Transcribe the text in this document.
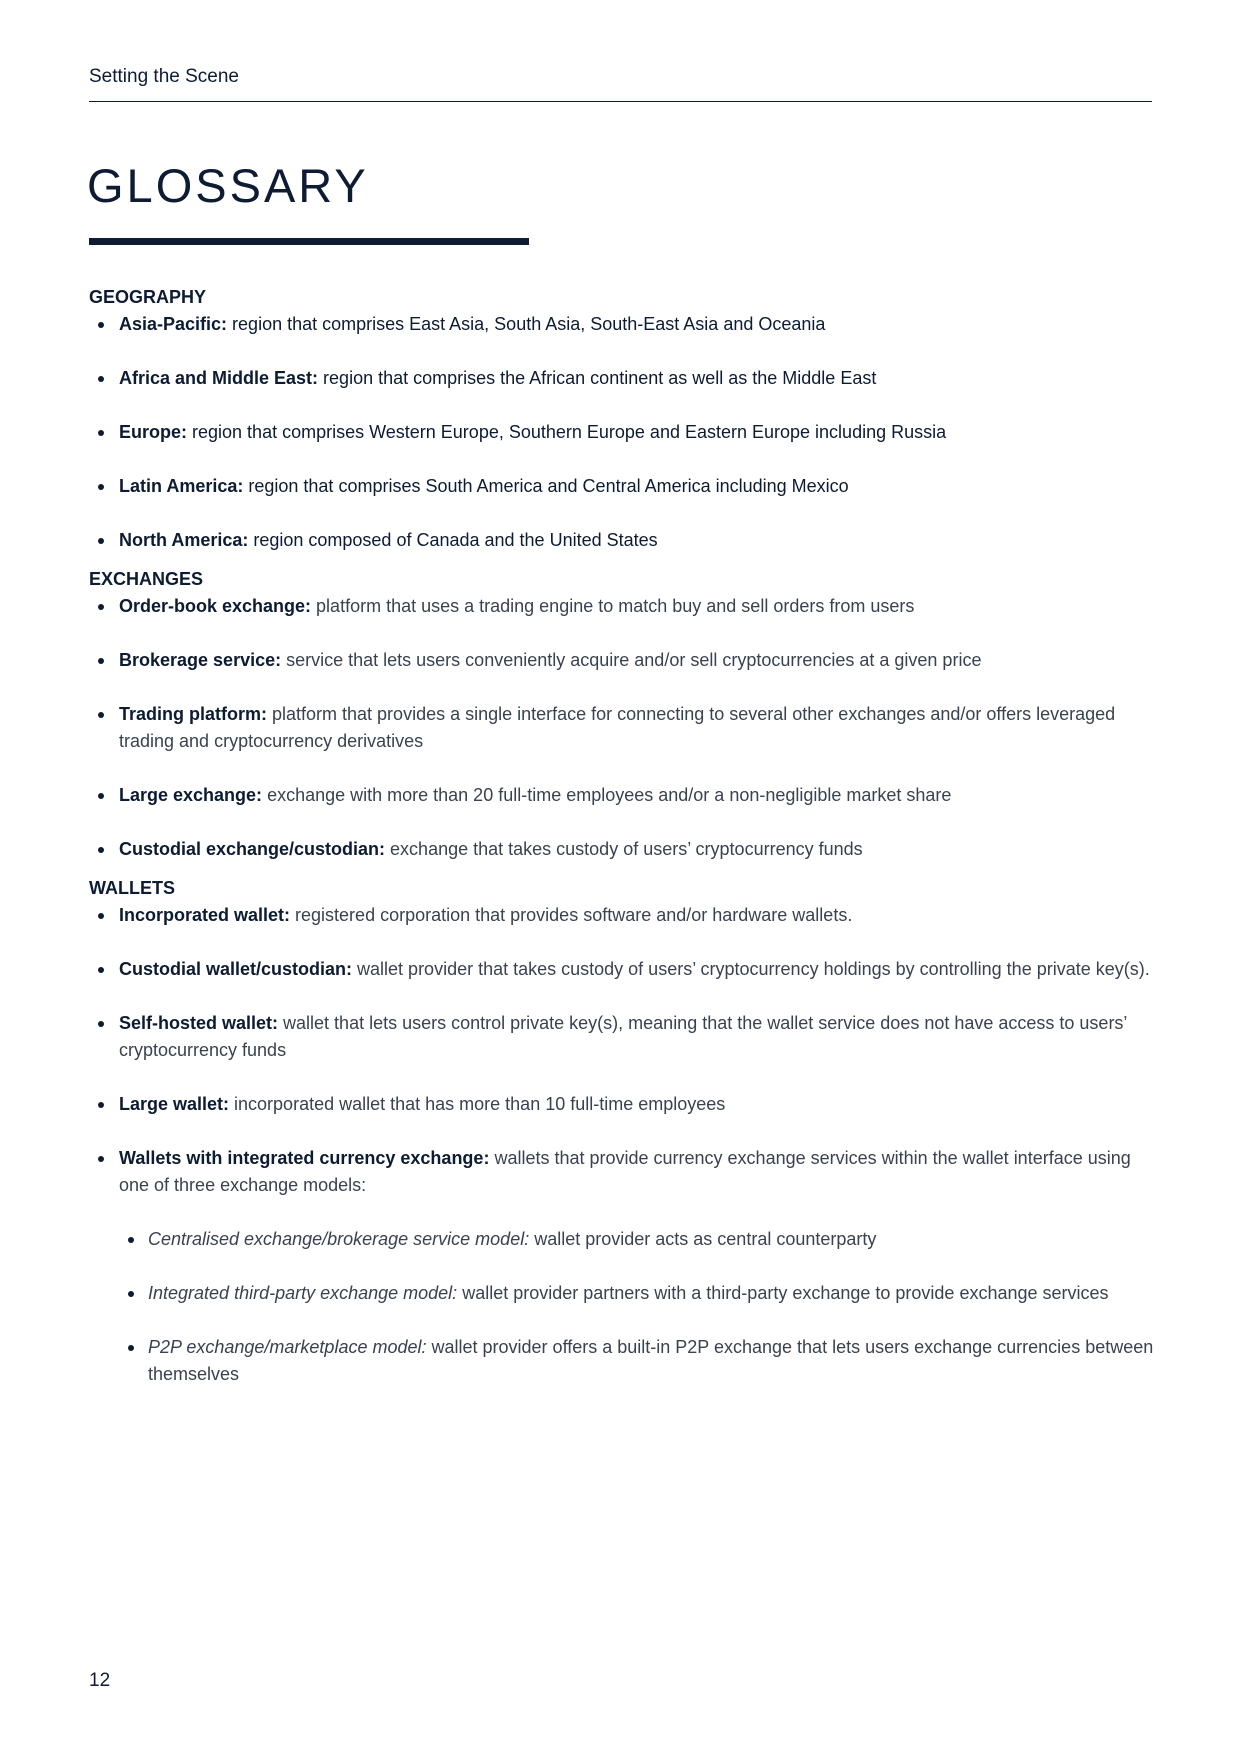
Setting the Scene
GLOSSARY
GEOGRAPHY
Asia-Pacific: region that comprises East Asia, South Asia, South-East Asia and Oceania
Africa and Middle East: region that comprises the African continent as well as the Middle East
Europe: region that comprises Western Europe, Southern Europe and Eastern Europe including Russia
Latin America: region that comprises South America and Central America including Mexico
North America: region composed of Canada and the United States
EXCHANGES
Order-book exchange: platform that uses a trading engine to match buy and sell orders from users
Brokerage service: service that lets users conveniently acquire and/or sell cryptocurrencies at a given price
Trading platform: platform that provides a single interface for connecting to several other exchanges and/or offers leveraged trading and cryptocurrency derivatives
Large exchange: exchange with more than 20 full-time employees and/or a non-negligible market share
Custodial exchange/custodian: exchange that takes custody of users’ cryptocurrency funds
WALLETS
Incorporated wallet: registered corporation that provides software and/or hardware wallets.
Custodial wallet/custodian: wallet provider that takes custody of users’ cryptocurrency holdings by controlling the private key(s).
Self-hosted wallet: wallet that lets users control private key(s), meaning that the wallet service does not have access to users’ cryptocurrency funds
Large wallet: incorporated wallet that has more than 10 full-time employees
Wallets with integrated currency exchange: wallets that provide currency exchange services within the wallet interface using one of three exchange models:
Centralised exchange/brokerage service model: wallet provider acts as central counterparty
Integrated third-party exchange model: wallet provider partners with a third-party exchange to provide exchange services
P2P exchange/marketplace model: wallet provider offers a built-in P2P exchange that lets users exchange currencies between themselves
12
